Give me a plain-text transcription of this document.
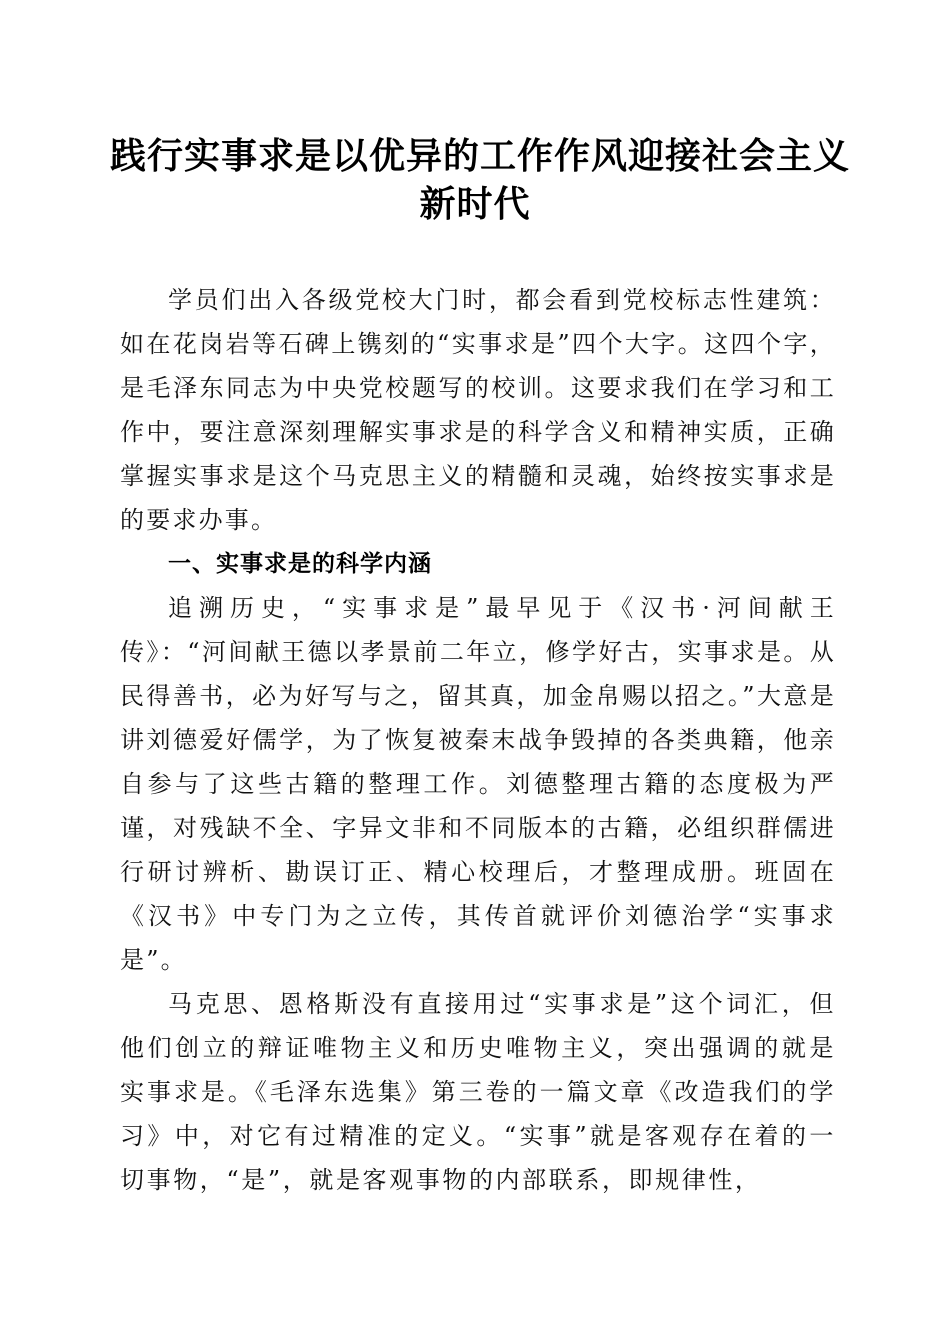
践行实事求是以优异的工作作风迎接社会主义
新时代

学员们出入各级党校大门时，都会看到党校标志性建筑：如在花岗岩等石碑上镌刻的“实事求是”四个大字。这四个字，是毛泽东同志为中央党校题写的校训。这要求我们在学习和工作中，要注意深刻理解实事求是的科学含义和精神实质，正确掌握实事求是这个马克思主义的精髓和灵魂，始终按实事求是的要求办事。

一、实事求是的科学内涵

追溯历史，“实事求是”最早见于《汉书·河间献王传》：“河间献王德以孝景前二年立，修学好古，实事求是。从民得善书，必为好写与之，留其真，加金帛赐以招之。”大意是讲刘德爱好儒学，为了恢复被秦末战争毁掉的各类典籍，他亲自参与了这些古籍的整理工作。刘德整理古籍的态度极为严谨，对残缺不全、字异文非和不同版本的古籍，必组织群儒进行研讨辨析、勘误订正、精心校理后，才整理成册。班固在《汉书》中专门为之立传，其传首就评价刘德治学“实事求是”。

马克思、恩格斯没有直接用过“实事求是”这个词汇，但他们创立的辩证唯物主义和历史唯物主义，突出强调的就是实事求是。《毛泽东选集》第三卷的一篇文章《改造我们的学习》中，对它有过精准的定义。“实事”就是客观存在着的一切事物，“是”，就是客观事物的内部联系，即规律性，
